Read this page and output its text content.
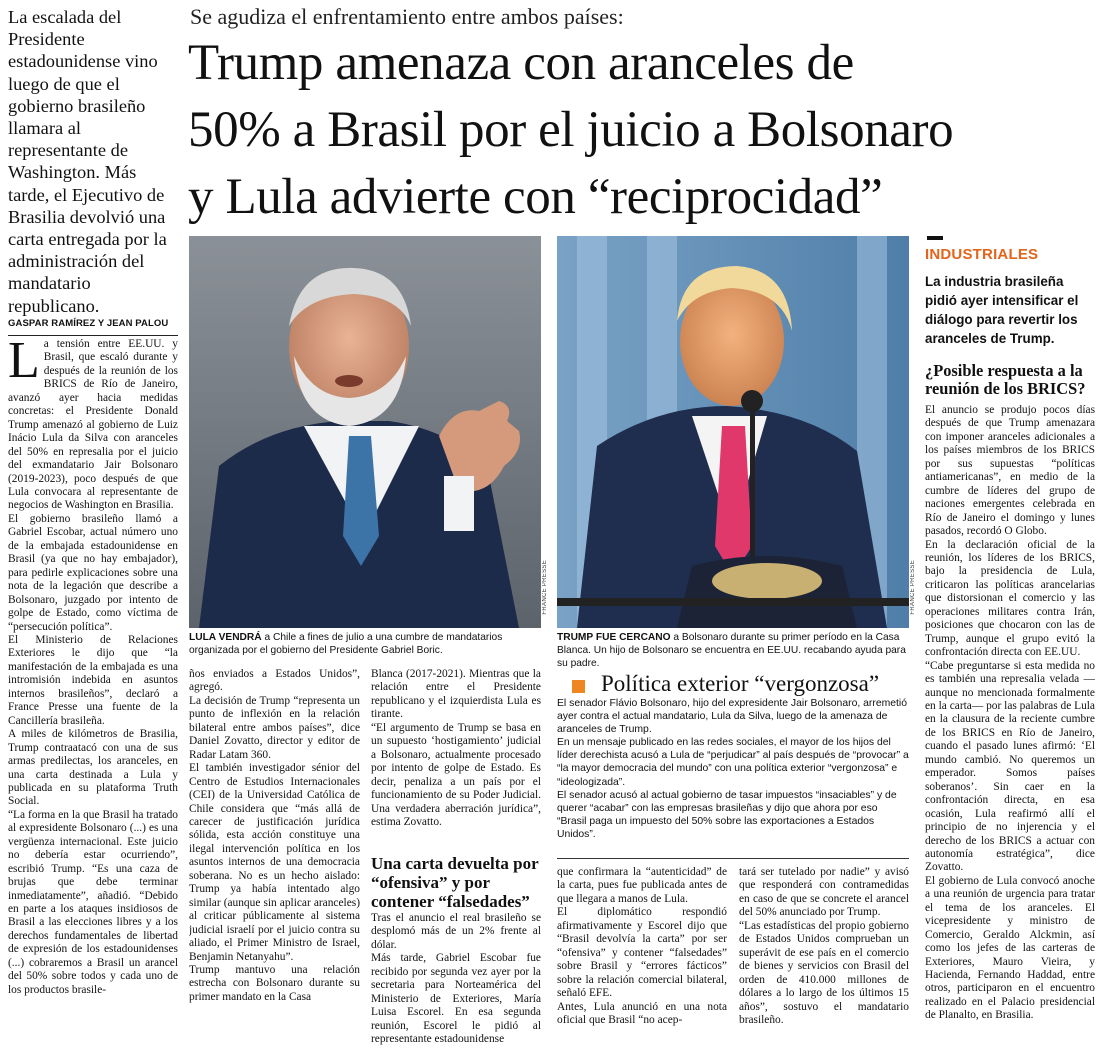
Se agudiza el enfrentamiento entre ambos países:
Trump amenaza con aranceles de
50% a Brasil por el juicio a Bolsonaro
y Lula advierte con “reciprocidad”
La escalada del Presidente estadounidense vino luego de que el gobierno brasileño llamara al representante de Washington. Más tarde, el Ejecutivo de Brasilia devolvió una carta entregada por la administración del mandatario republicano.
GASPAR RAMÍREZ Y JEAN PALOU
L a tensión entre EE.UU. y Brasil, que escaló durante y después de la reunión de los BRICS de Río de Janeiro, avanzó ayer hacia medidas concretas: el Presidente Donald Trump amenazó al gobierno de Luiz Inácio Lula da Silva con aranceles del 50% en represalia por el juicio del exmandatario Jair Bolsonaro (2019-2023), poco después de que Lula convocara al representante de negocios de Washington en Brasilia.

El gobierno brasileño llamó a Gabriel Escobar, actual número uno de la embajada estadounidense en Brasil (ya que no hay embajador), para pedirle explicaciones sobre una nota de la legación que describe a Bolsonaro, juzgado por intento de golpe de Estado, como víctima de “persecución política”.
El Ministerio de Relaciones Exteriores le dijo que “la manifestación de la embajada es una intromisión indebida en asuntos internos brasileños”, declaró a France Presse una fuente de la Cancillería brasileña.
A miles de kilómetros de Brasilia, Trump contraatacó con una de sus armas predilectas, los aranceles, en una carta destinada a Lula y publicada en su plataforma Truth Social.
“La forma en la que Brasil ha tratado al expresidente Bolsonaro (...) es una vergüenza internacional. Este juicio no debería estar ocurriendo”, escribió Trump. “Es una caza de brujas que debe terminar inmediatamente”, añadió. “Debido en parte a los ataques insidiosos de Brasil a las elecciones libres y a los derechos fundamentales de libertad de expresión de los estadounidenses (...) cobraremos a Brasil un arancel del 50% sobre todos y cada uno de los productos brasile-

FRANCE PRESSE
LULA VENDRÁ a Chile a fines de julio a una cumbre de mandatarios organizada por el gobierno del Presidente Gabriel Boric.
FRANCE PRESSE
TRUMP FUE CERCANO a Bolsonaro durante su primer período en la Casa Blanca. Un hijo de Bolsonaro se encuentra en EE.UU. recabando ayuda para su padre.

ños enviados a Estados Unidos”, agregó.
La decisión de Trump “representa un punto de inflexión en la relación bilateral entre ambos países”, dice Daniel Zovatto, director y editor de Radar Latam 360.
El también investigador sénior del Centro de Estudios Internacionales (CEI) de la Universidad Católica de Chile considera que “más allá de carecer de justificación jurídica sólida, esta acción constituye una ilegal intervención política en los asuntos internos de una democracia soberana. No es un hecho aislado: Trump ya había intentado algo similar (aunque sin aplicar aranceles) al criticar públicamente al sistema judicial israelí por el juicio contra su aliado, el Primer Ministro de Israel, Benjamin Netanyahu”.
Trump mantuvo una relación estrecha con Bolsonaro durante su primer mandato en la Casa

Blanca (2017-2021). Mientras que la relación entre el Presidente republicano y el izquierdista Lula es tirante.
“El argumento de Trump se basa en un supuesto ‘hostigamiento’ judicial a Bolsonaro, actualmente procesado por intento de golpe de Estado. Es decir, penaliza a un país por el funcionamiento de su Poder Judicial. Una verdadera aberración jurídica”, estima Zovatto.

Una carta devuelta por “ofensiva” y por contener “falsedades”

Tras el anuncio el real brasileño se desplomó más de un 2% frente al dólar.
Más tarde, Gabriel Escobar fue recibido por segunda vez ayer por la secretaria para Norteamérica del Ministerio de Exteriores, María Luisa Escorel. En esa segunda reunión, Escorel le pidió al representante estadounidense

Política exterior “vergonzosa”

El senador Flávio Bolsonaro, hijo del expresidente Jair Bolsonaro, arremetió ayer contra el actual mandatario, Lula da Silva, luego de la amenaza de aranceles de Trump.
En un mensaje publicado en las redes sociales, el mayor de los hijos del líder derechista acusó a Lula de “perjudicar” al país después de “provocar” a “la mayor democracia del mundo” con una política exterior “vergonzosa” e “ideologizada”.
El senador acusó al actual gobierno de tasar impuestos “insaciables” y de querer “acabar” con las empresas brasileñas y dijo que ahora por eso “Brasil paga un impuesto del 50% sobre las exportaciones a Estados Unidos”.

que confirmara la “autenticidad” de la carta, pues fue publicada antes de que llegara a manos de Lula.
El diplomático respondió afirmativamente y Escorel dijo que “Brasil devolvía la carta” por ser “ofensiva” y contener “falsedades” sobre Brasil y “errores fácticos” sobre la relación comercial bilateral, señaló EFE.
Antes, Lula anunció en una nota oficial que Brasil “no acep-

tará ser tutelado por nadie” y avisó que responderá con contramedidas en caso de que se concrete el arancel del 50% anunciado por Trump.
“Las estadísticas del propio gobierno de Estados Unidos comprueban un superávit de ese país en el comercio de bienes y servicios con Brasil del orden de 410.000 millones de dólares a lo largo de los últimos 15 años”, sostuvo el mandatario brasileño.

INDUSTRIALES
La industria brasileña pidió ayer intensificar el diálogo para revertir los aranceles de Trump.
¿Posible respuesta a la reunión de los BRICS?

El anuncio se produjo pocos días después de que Trump amenazara con imponer aranceles adicionales a los países miembros de los BRICS por sus supuestas “políticas antiamericanas”, en medio de la cumbre de líderes del grupo de naciones emergentes celebrada en Río de Janeiro el domingo y lunes pasados, recordó O Globo.
En la declaración oficial de la reunión, los líderes de los BRICS, bajo la presidencia de Lula, criticaron las políticas arancelarias que distorsionan el comercio y las operaciones militares contra Irán, posiciones que chocaron con las de Trump, aunque el grupo evitó la confrontación directa con EE.UU.
“Cabe preguntarse si esta medida no es también una represalia velada —aunque no mencionada formalmente en la carta— por las palabras de Lula en la clausura de la reciente cumbre de los BRICS en Río de Janeiro, cuando el pasado lunes afirmó: ‘El mundo cambió. No queremos un emperador. Somos países soberanos’. Sin caer en la confrontación directa, en esa ocasión, Lula reafirmó allí el principio de no injerencia y el derecho de los BRICS a actuar con autonomía estratégica”, dice Zovatto.
El gobierno de Lula convocó anoche a una reunión de urgencia para tratar el tema de los aranceles. El vicepresidente y ministro de Comercio, Geraldo Alckmin, así como los jefes de las carteras de Exteriores, Mauro Vieira, y Hacienda, Fernando Haddad, entre otros, participaron en el encuentro realizado en el Palacio presidencial de Planalto, en Brasilia.
